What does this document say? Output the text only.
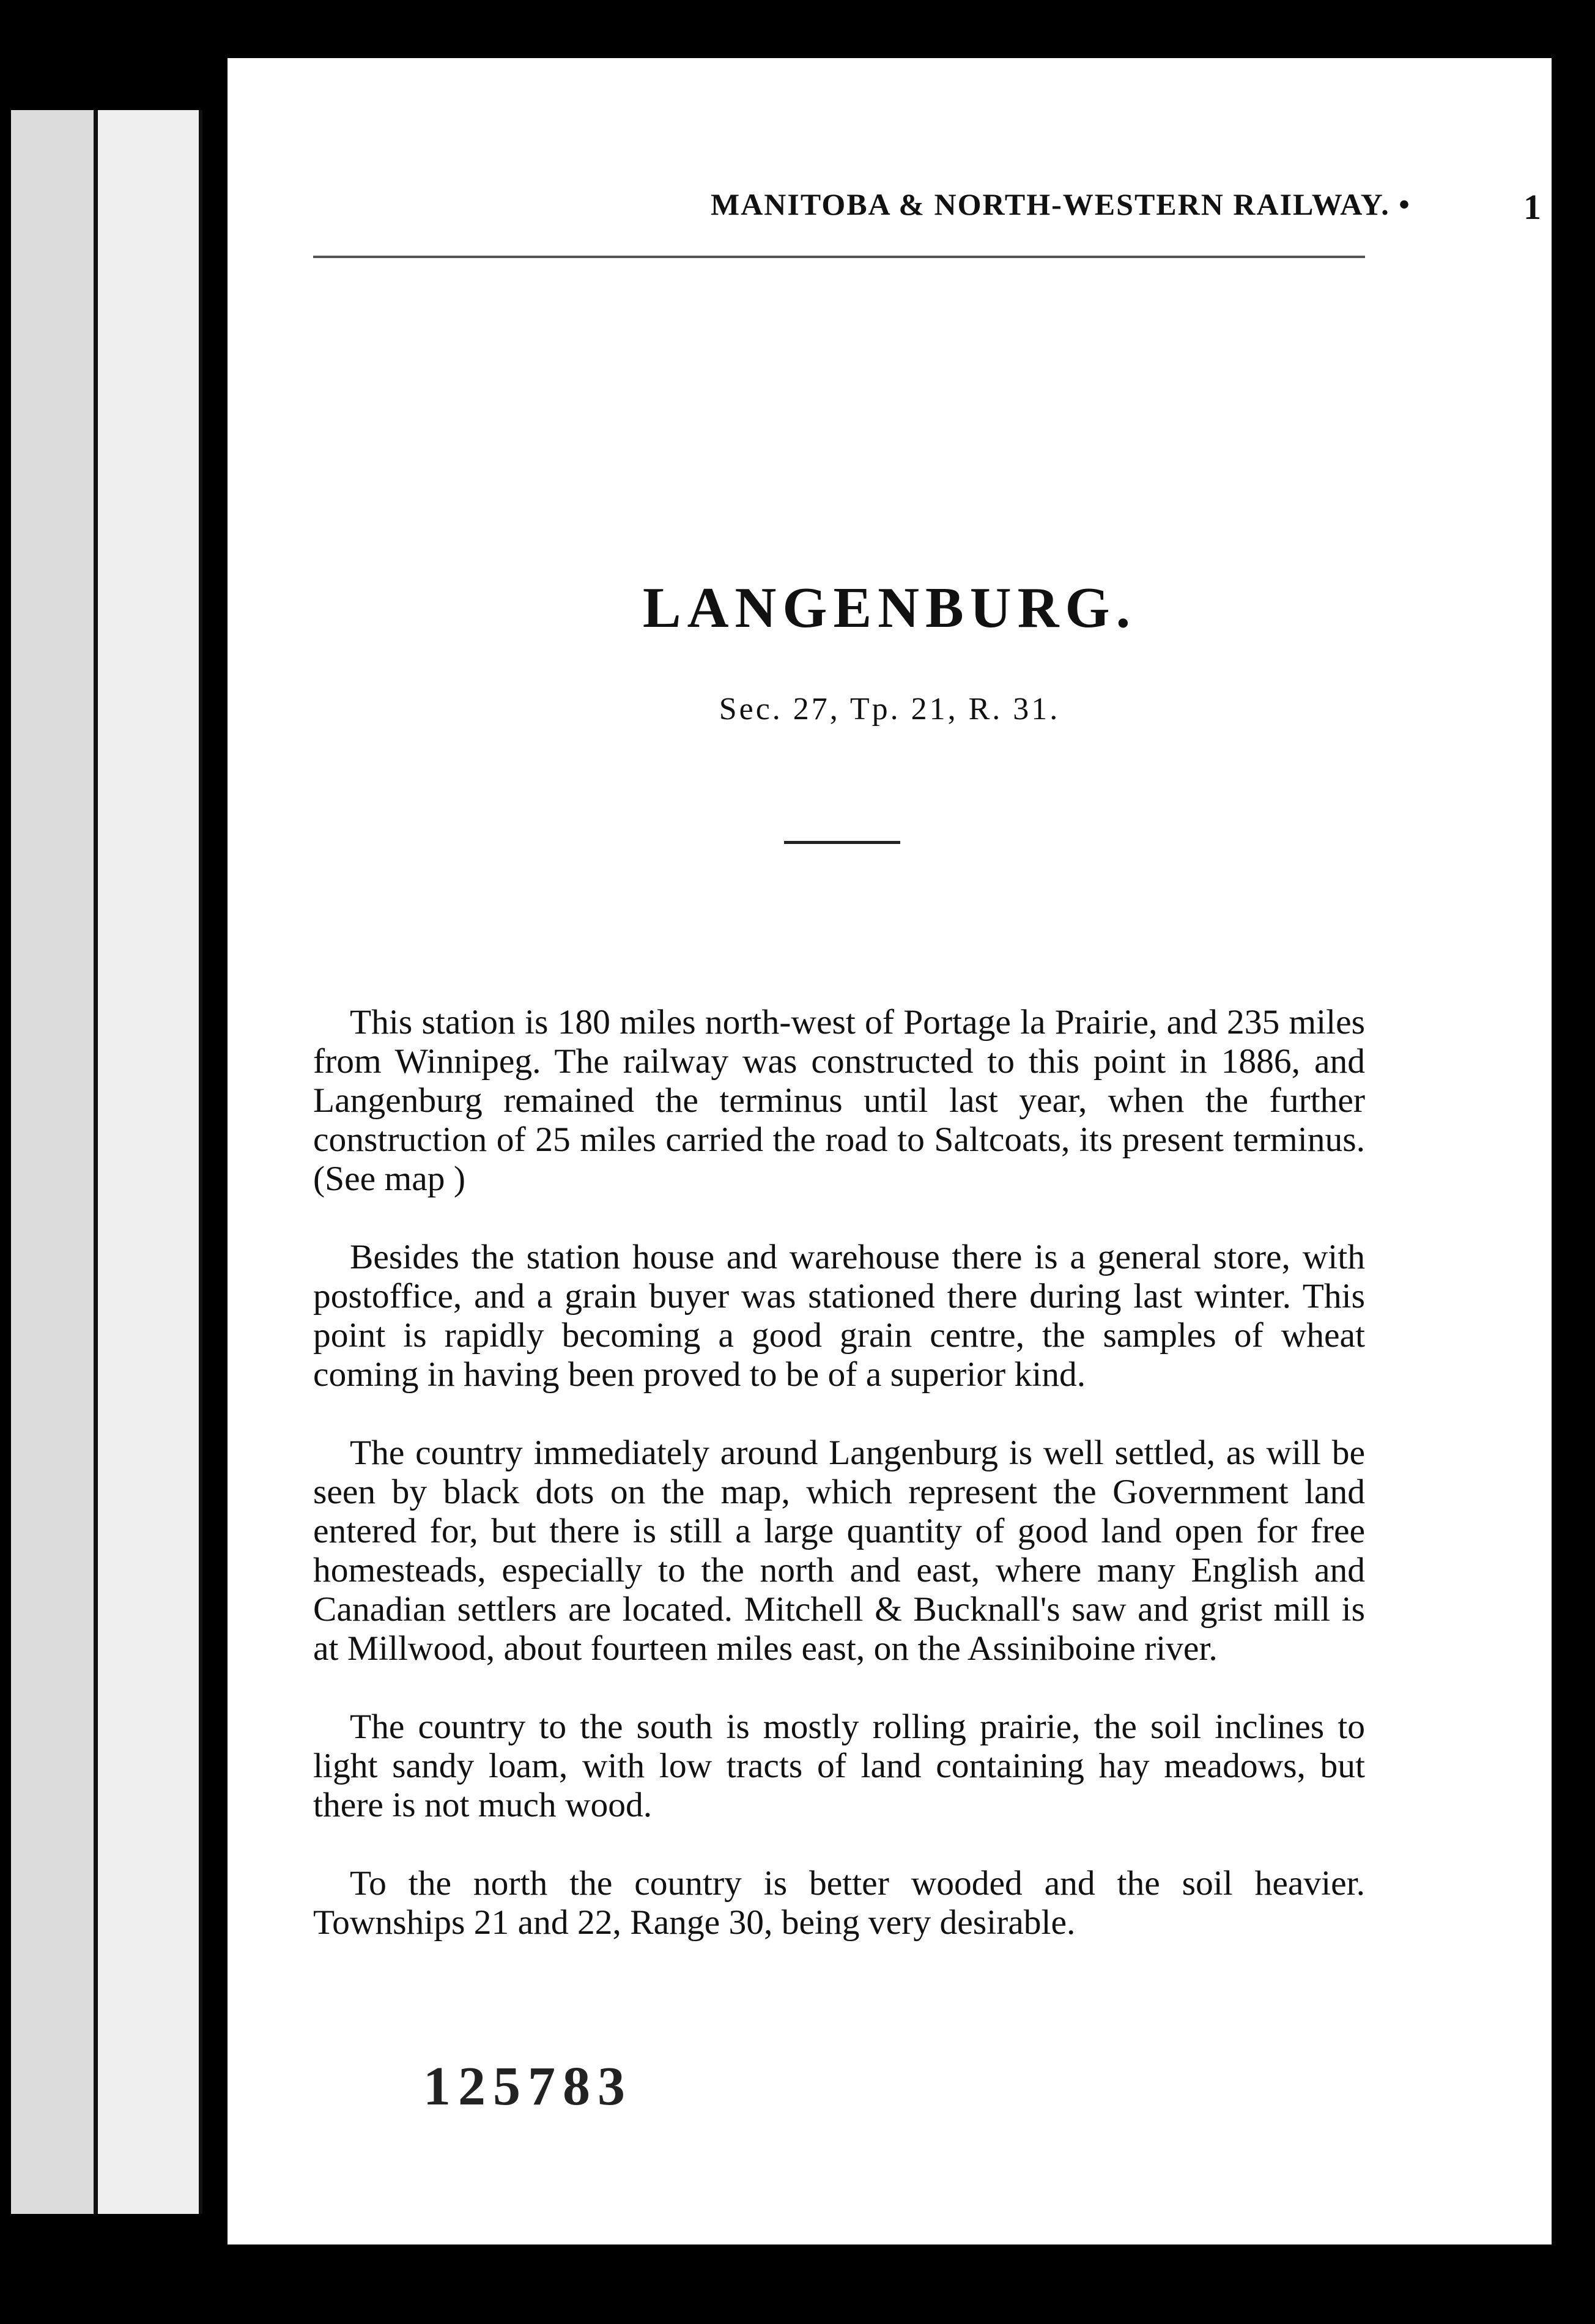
MANITOBA & NORTH-WESTERN RAILWAY. •	1
LANGENBURG.
Sec. 27, Tp. 21, R. 31.

This station is 180 miles north-west of Portage la Prairie, and 235 miles from Winnipeg. The railway was constructed to this point in 1886, and Langenburg remained the terminus until last year, when the further construction of 25 miles carried the road to Saltcoats, its present terminus. (See map )

Besides the station house and warehouse there is a general store, with postoffice, and a grain buyer was stationed there during last winter. This point is rapidly becoming a good grain centre, the samples of wheat coming in having been proved to be of a superior kind.

The country immediately around Langenburg is well settled, as will be seen by black dots on the map, which represent the Government land entered for, but there is still a large quantity of good land open for free homesteads, especially to the north and east, where many English and Canadian settlers are located. Mitchell & Bucknall's saw and grist mill is at Millwood, about fourteen miles east, on the Assiniboine river.

The country to the south is mostly rolling prairie, the soil inclines to light sandy loam, with low tracts of land containing hay meadows, but there is not much wood.

To the north the country is better wooded and the soil heavier. Townships 21 and 22, Range 30, being very desirable.

125783
